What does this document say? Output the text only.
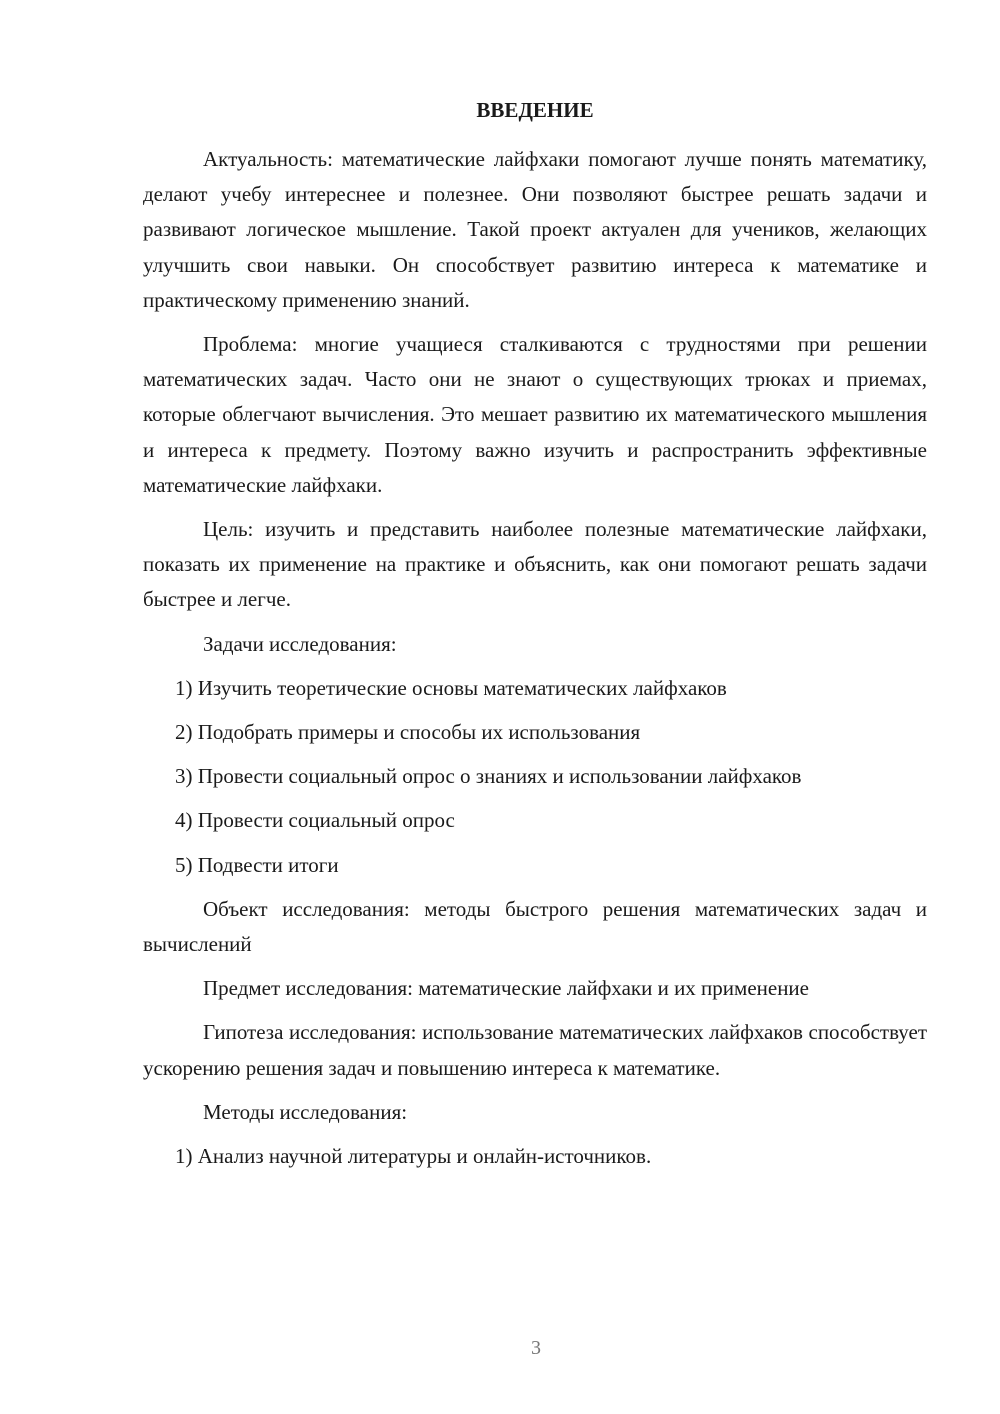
ВВЕДЕНИЕ

Актуальность: математические лайфхаки помогают лучше понять математику, делают учебу интереснее и полезнее. Они позволяют быстрее решать задачи и развивают логическое мышление. Такой проект актуален для учеников, желающих улучшить свои навыки. Он способствует развитию интереса к математике и практическому применению знаний.

Проблема: многие учащиеся сталкиваются с трудностями при решении математических задач. Часто они не знают о существующих трюках и приемах, которые облегчают вычисления. Это мешает развитию их математического мышления и интереса к предмету. Поэтому важно изучить и распространить эффективные математические лайфхаки.

Цель: изучить и представить наиболее полезные математические лайфхаки, показать их применение на практике и объяснить, как они помогают решать задачи быстрее и легче.

Задачи исследования:

1) Изучить теоретические основы математических лайфхаков

2) Подобрать примеры и способы их использования

3) Провести социальный опрос о знаниях и использовании лайфхаков

4) Провести социальный опрос

5) Подвести итоги

Объект исследования: методы быстрого решения математических задач и вычислений

Предмет исследования: математические лайфхаки и их применение

Гипотеза исследования: использование математических лайфхаков способствует ускорению решения задач и повышению интереса к математике.

Методы исследования:

1) Анализ научной литературы и онлайн-источников.

3
